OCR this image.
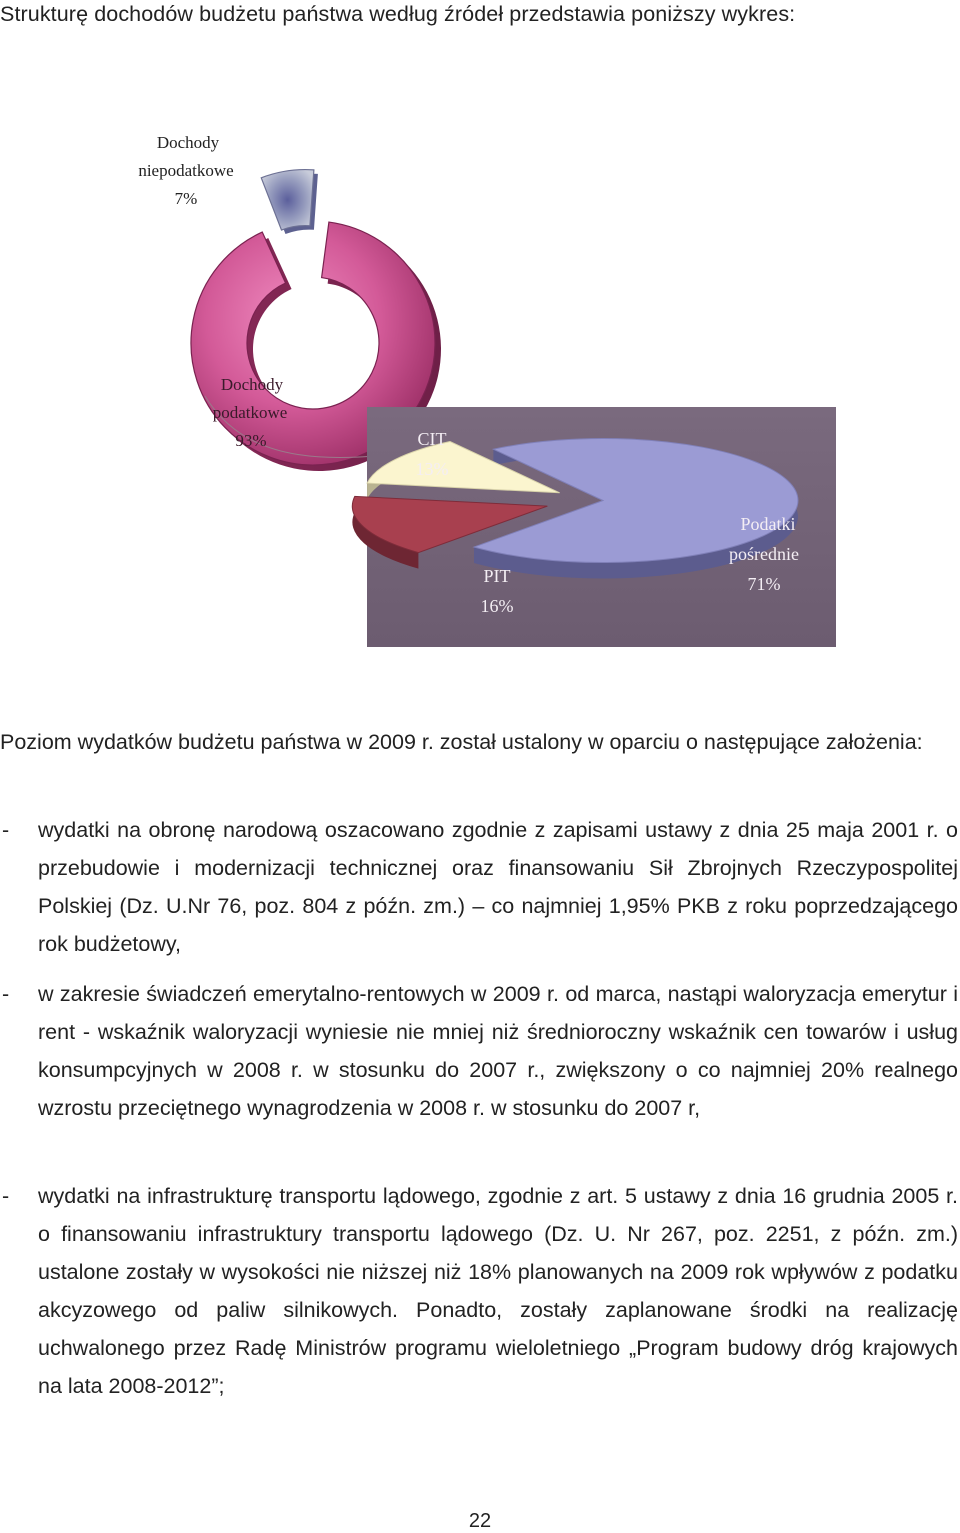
Strukturę dochodów budżetu państwa według źródeł przedstawia poniższy wykres:
Dochody
niepodatkowe
7%
Dochody
podatkowe
93%	CIT
13%
PIT
16%
Podatki
pośrednie
71%
Poziom wydatków budżetu państwa w 2009 r. został ustalony w oparciu o następujące założenia:
-	wydatki na obronę narodową oszacowano zgodnie z zapisami ustawy z dnia 25 maja 2001 r. o przebudowie i modernizacji technicznej oraz finansowaniu Sił Zbrojnych Rzeczypospolitej Polskiej (Dz. U.Nr 76, poz. 804 z późn. zm.) – co najmniej 1,95% PKB z roku poprzedzającego rok budżetowy,
-	w zakresie świadczeń emerytalno-rentowych w 2009 r. od marca, nastąpi waloryzacja emerytur i rent - wskaźnik waloryzacji wyniesie nie mniej niż średnioroczny wskaźnik cen towarów i usług konsumpcyjnych w 2008 r. w stosunku do 2007 r., zwiększony o co najmniej 20% realnego wzrostu przeciętnego wynagrodzenia w 2008 r. w stosunku do 2007 r,
-	wydatki na infrastrukturę transportu lądowego, zgodnie z art. 5 ustawy z dnia 16 grudnia 2005 r. o finansowaniu infrastruktury transportu lądowego (Dz. U. Nr 267, poz. 2251, z późn. zm.) ustalone zostały w wysokości nie niższej niż 18% planowanych na 2009 rok wpływów z podatku akcyzowego od paliw silnikowych. Ponadto, zostały zaplanowane środki na realizację uchwalonego przez Radę Ministrów programu wieloletniego „Program budowy dróg krajowych na lata 2008-2012”;
22
